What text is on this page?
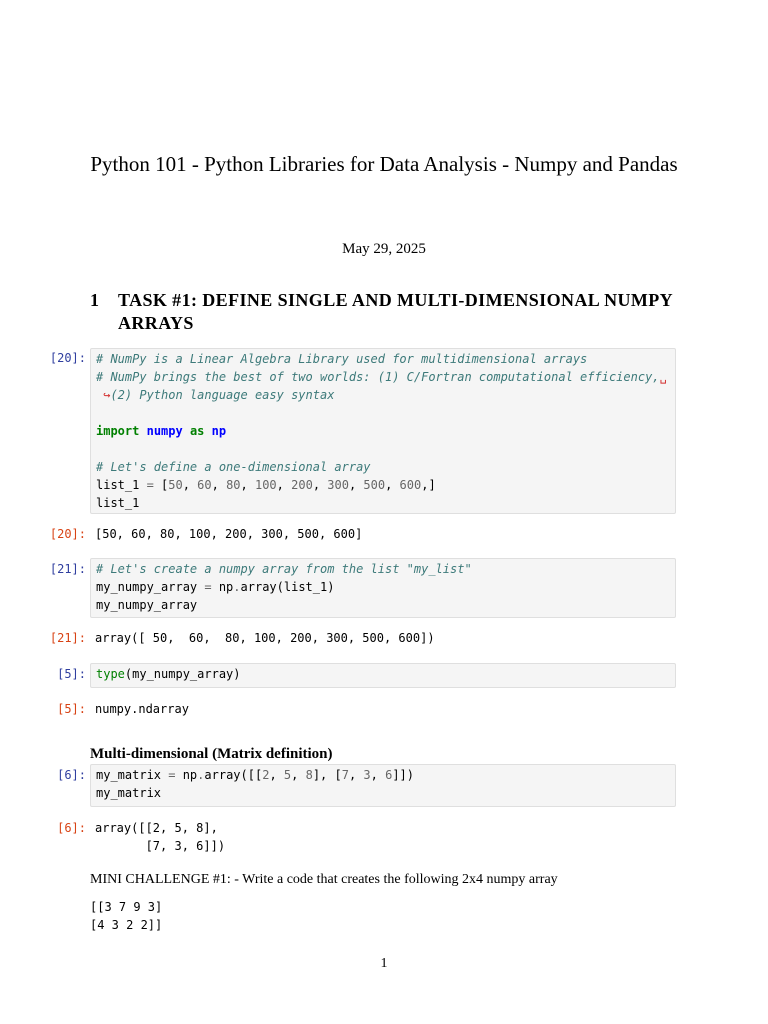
Python 101 - Python Libraries for Data Analysis - Numpy and Pandas
May 29, 2025
1 TASK #1: DEFINE SINGLE AND MULTI-DIMENSIONAL NUMPY ARRAYS
[20]: # NumPy is a Linear Algebra Library used for multidimensional arrays
# NumPy brings the best of two worlds: (1) C/Fortran computational efficiency,␣
↪(2) Python language easy syntax

import numpy as np

# Let's define a one-dimensional array
list_1 = [50, 60, 80, 100, 200, 300, 500, 600,]
list_1
[20]: [50, 60, 80, 100, 200, 300, 500, 600]
[21]: # Let's create a numpy array from the list "my_list"
my_numpy_array = np.array(list_1)
my_numpy_array
[21]: array([ 50,  60,  80, 100, 200, 300, 500, 600])
[5]: type(my_numpy_array)
[5]: numpy.ndarray
Multi-dimensional (Matrix definition)
[6]: my_matrix = np.array([[2, 5, 8], [7, 3, 6]])
my_matrix
[6]: array([[2, 5, 8],
[7, 3, 6]])
MINI CHALLENGE #1: - Write a code that creates the following 2x4 numpy array
[[3 7 9 3]
[4 3 2 2]]
1
